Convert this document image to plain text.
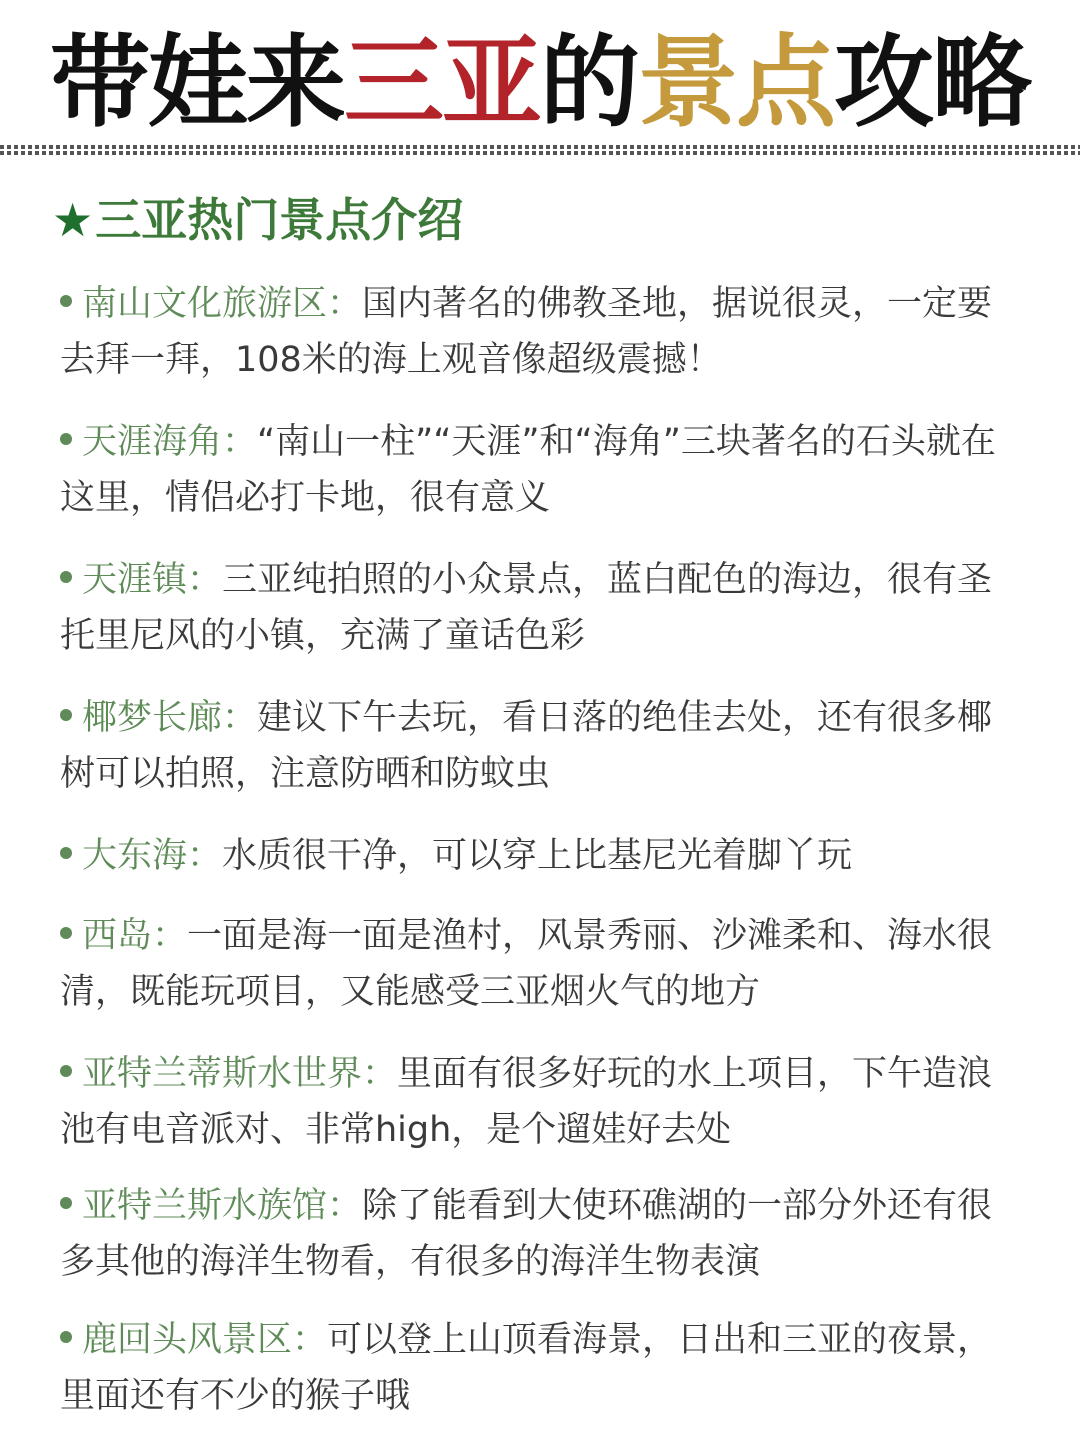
带娃来三亚的景点攻略
★三亚热门景点介绍
南山文化旅游区：国内著名的佛教圣地，据说很灵，一定要去拜一拜，108米的海上观音像超级震撼！
天涯海角：“南山一柱”“天涯”和“海角”三块著名的石头就在这里，情侣必打卡地，很有意义
天涯镇：三亚纯拍照的小众景点，蓝白配色的海边，很有圣托里尼风的小镇，充满了童话色彩
椰梦长廊：建议下午去玩，看日落的绝佳去处，还有很多椰树可以拍照，注意防晒和防蚊虫
大东海：水质很干净，可以穿上比基尼光着脚丫玩
西岛：一面是海一面是渔村，风景秀丽、沙滩柔和、海水很清，既能玩项目，又能感受三亚烟火气的地方
亚特兰蒂斯水世界：里面有很多好玩的水上项目，下午造浪池有电音派对、非常high，是个遛娃好去处
亚特兰斯水族馆：除了能看到大使环礁湖的一部分外还有很多其他的海洋生物看，有很多的海洋生物表演
鹿回头风景区：可以登上山顶看海景，日出和三亚的夜景，里面还有不少的猴子哦
